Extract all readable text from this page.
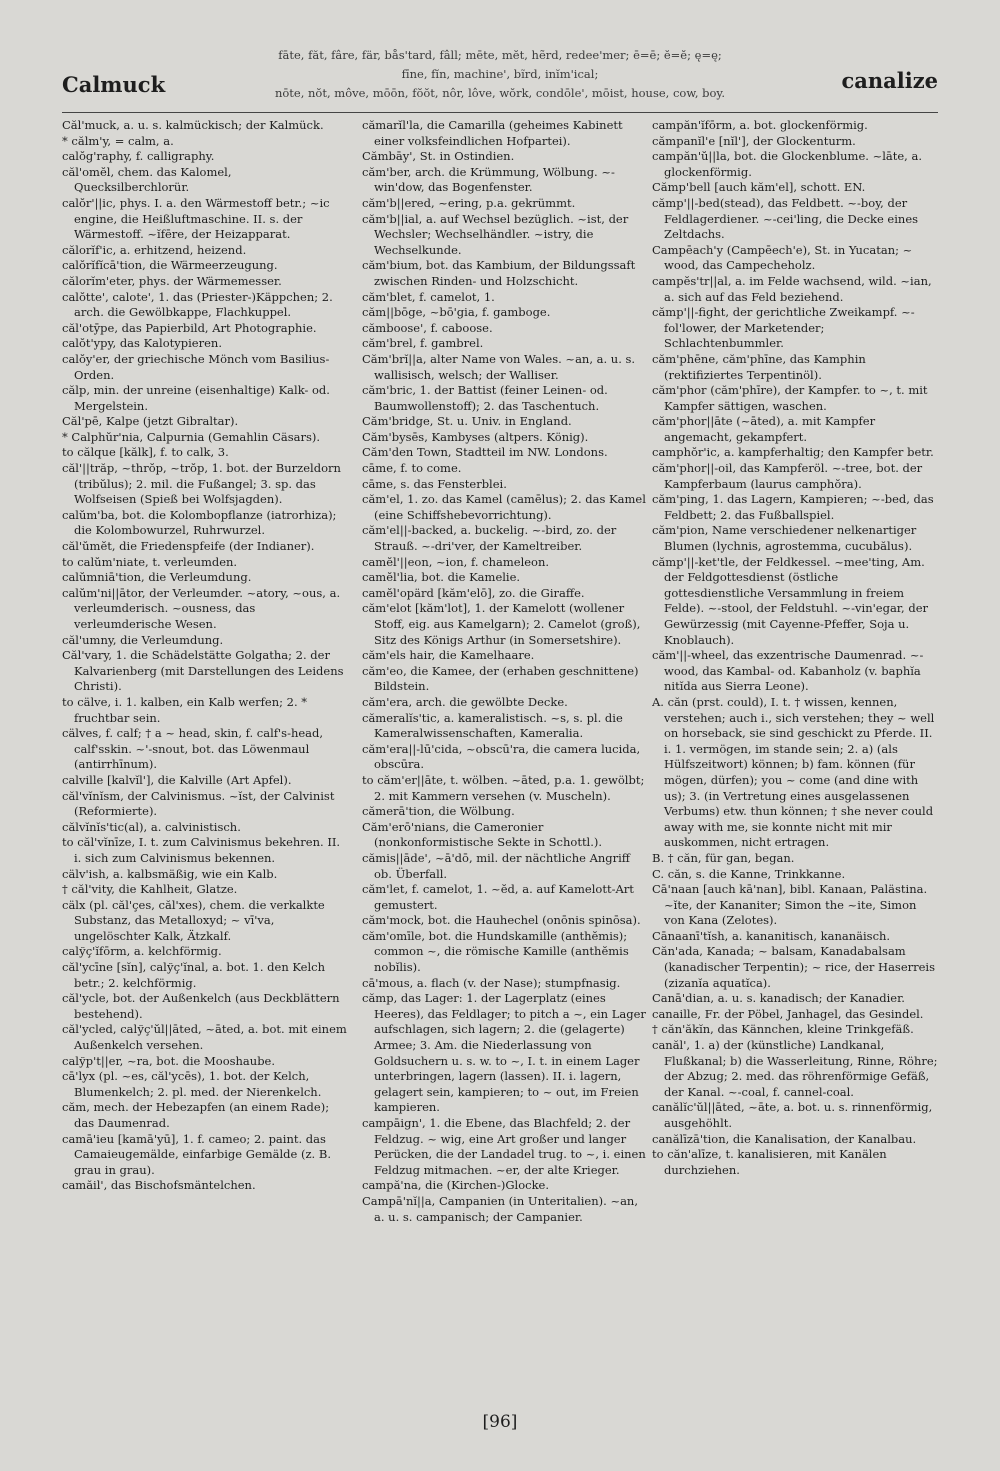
Calmuck
fāte, făt, fâre, fär, bås'tard, fâll; mēte, mĕt, hẽrd, redee'mer; ē=ē; ĕ=ĕ; ę=ę;
fīne, fĭn, machine', bĩrd, inĭm'ical;
nōte, nŏt, môve, mōōn, fŏŏt, nôr, lôve, wŏrk, condōle', mōist, house, cow, boy.	canalize

Căl'muck, a. u. s. kalmückisch; der Kalmück.

* călm'y, = calm, a.

calŏg'raphy, f. calligraphy.

căl'omĕl, chem. das Kalomel, Quecksilberchlorür.

calŏr'||ic, phys. I. a. den Wärmestoff betr.; ~ic engine, die Heißluftmaschine. II. s. der Wärmestoff. ~ĭfēre, der Heizapparat.

călorĭf'ic, a. erhitzend, heizend.

calŏrĭfĭcā'tion, die Wärmeerzeugung.

călorĭm'eter, phys. der Wärmemesser.

calŏtte', calote', 1. das (Priester-)Käppchen; 2. arch. die Gewölbkappe, Flachkuppel.

căl'otȳpe, das Papierbild, Art Photographie.

calŏt'ypy, das Kalotypieren.

calŏy'er, der griechische Mönch vom Basilius-Orden.

călp, min. der unreine (eisenhaltige) Kalk- od. Mergelstein.

Căl'pē, Kalpe (jetzt Gibraltar).

* Calphŭr'nia, Calpurnia (Gemahlin Cäsars).

to călque [kălk], f. to calk, 3.

căl'||trăp, ~thrŏp, ~trŏp, 1. bot. der Burzeldorn (tribŭlus); 2. mil. die Fußangel; 3. sp. das Wolfseisen (Spieß bei Wolfsjagden).

calŭm'ba, bot. die Kolombopflanze (iatrorhiza); die Kolombowurzel, Ruhrwurzel.

căl'ŭmĕt, die Friedenspfeife (der Indianer).

to calŭm'niate, t. verleumden.

calŭmniā'tion, die Verleumdung.

calŭm'ni||ātor, der Verleumder. ~atory, ~ous, a. verleumderisch. ~ousness, das verleumderische Wesen.

căl'umny, die Verleumdung.

Căl'vary, 1. die Schädelstätte Golgatha; 2. der Kalvarienberg (mit Darstellungen des Leidens Christi).

to cälve, i. 1. kalben, ein Kalb werfen; 2. * fruchtbar sein.

cälves, f. calf; † a ~ head, skin, f. calf's-head, calf'sskin. ~'-snout, bot. das Löwenmaul (antirrhīnum).

calville [kalvĭl'], die Kalville (Art Apfel).

căl'vĭnĭsm, der Calvinismus. ~ĭst, der Calvinist (Reformierte).

călvĭnĭs'tic(al), a. calvinistisch.

to căl'vĭnīze, I. t. zum Calvinismus bekehren. II. i. sich zum Calvinismus bekennen.

cälv'ish, a. kalbsmäßig, wie ein Kalb.

† căl'vity, die Kahlheit, Glatze.

cälx (pl. căl'çes, căl'xes), chem. die verkalkte Substanz, das Metalloxyd; ~ vī'va, ungelöschter Kalk, Ätzkalf.

calўç'ĭfōrm, a. kelchförmig.

căl'ycīne [sĭn], calўç'ĭnal, a. bot. 1. den Kelch betr.; 2. kelchförmig.

căl'ycle, bot. der Außenkelch (aus Deckblättern bestehend).

căl'ycled, calўç'ŭl||āted, ~āted, a. bot. mit einem Außenkelch versehen.

calўp't||er, ~ra, bot. die Mooshaube.

cā'lyx (pl. ~es, căl'ycēs), 1. bot. der Kelch, Blumenkelch; 2. pl. med. der Nierenkelch.

căm, mech. der Hebezapfen (an einem Rade); das Daumenrad.

camā'ieu [kamā'yū], 1. f. cameo; 2. paint. das Camaieugemälde, einfarbige Gemälde (z. B. grau in grau).

camăil', das Bischofsmäntelchen.

cămarĭl'la, die Camarilla (geheimes Kabinett einer volksfeindlichen Hofpartei).

Cămbāy', St. in Ostindien.

căm'ber, arch. die Krümmung, Wölbung. ~-win'dow, das Bogenfenster.

căm'b||ered, ~ering, p.a. gekrümmt.

căm'b||ial, a. auf Wechsel bezüglich. ~ist, der Wechsler; Wechselhändler. ~istry, die Wechselkunde.

căm'bium, bot. das Kambium, der Bildungssaft zwischen Rinden- und Holzschicht.

căm'blet, f. camelot, 1.

căm||bōge, ~bō'gia, f. gamboge.

cămboose', f. caboose.

căm'brel, f. gambrel.

Căm'brĭ||a, alter Name von Wales. ~an, a. u. s. wallisisch, welsch; der Walliser.

căm'bric, 1. der Battist (feiner Leinen- od. Baumwollenstoff); 2. das Taschentuch.

Căm'bridge, St. u. Univ. in England.

Căm'bysēs, Kambyses (altpers. König).

Căm'den Town, Stadtteil im NW. Londons.

cāme, f. to come.

cāme, s. das Fensterblei.

căm'el, 1. zo. das Kamel (camēlus); 2. das Kamel (eine Schiffshebevorrichtung).

căm'el||-backed, a. buckelig. ~-bird, zo. der Strauß. ~-dri'ver, der Kameltreiber.

camĕl'||eon, ~ion, f. chameleon.

camĕl'lia, bot. die Kamelie.

camĕl'opärd [kăm'elō], zo. die Giraffe.

căm'elot [kăm'lot], 1. der Kamelott (wollener Stoff, eig. aus Kamelgarn); 2. Camelot (groß), Sitz des Königs Arthur (in Somersetshire).

căm'els hair, die Kamelhaare.

căm'eo, die Kamee, der (erhaben geschnittene) Bildstein.

căm'era, arch. die gewölbte Decke.

cămeralĭs'tic, a. kameralistisch. ~s, s. pl. die Kameralwissenschaften, Kameralia.

căm'era||-lū'cida, ~obscū'ra, die camera lucida, obscūra.

to căm'er||āte, t. wölben. ~āted, p.a. 1. gewölbt; 2. mit Kammern versehen (v. Muscheln).

cămerā'tion, die Wölbung.

Căm'erō'nians, die Cameronier (nonkonformistische Sekte in Schottl.).

cămis||āde', ~ā'dō, mil. der nächtliche Angriff ob. Überfall.

căm'let, f. camelot, 1. ~ĕd, a. auf Kamelott-Art gemustert.

căm'mock, bot. die Hauhechel (onōnis spinōsa).

căm'omīle, bot. die Hundskamille (anthĕmis); common ~, die römische Kamille (anthĕmis nobĭlis).

cā'mous, a. flach (v. der Nase); stumpfnasig.

cămp, das Lager: 1. der Lagerplatz (eines Heeres), das Feldlager; to pitch a ~, ein Lager aufschlagen, sich lagern; 2. die (gelagerte) Armee; 3. Am. die Niederlassung von Goldsuchern u. s. w. to ~, I. t. in einem Lager unterbringen, lagern (lassen). II. i. lagern, gelagert sein, kampieren; to ~ out, im Freien kampieren.

campāign', 1. die Ebene, das Blachfeld; 2. der Feldzug. ~ wig, eine Art großer und langer Perücken, die der Landadel trug. to ~, i. einen Feldzug mitmachen. ~er, der alte Krieger.

campă'na, die (Kirchen-)Glocke.

Campā'nĭ||a, Campanien (in Unteritalien). ~an, a. u. s. campanisch; der Campanier.

campăn'ĭfōrm, a. bot. glockenförmig.

cămpanĭl'e [nĭl'], der Glockenturm.

campăn'ŭ||la, bot. die Glockenblume. ~lāte, a. glockenförmig.

Cămp'bell [auch kăm'el], schott. EN.

cămp'||-bed(stead), das Feldbett. ~-boy, der Feldlagerdiener. ~-cei'ling, die Decke eines Zeltdachs.

Campēach'y (Campēech'e), St. in Yucatan; ~ wood, das Campecheholz.

campĕs'tr||al, a. im Felde wachsend, wild. ~ian, a. sich auf das Feld beziehend.

cămp'||-fight, der gerichtliche Zweikampf. ~-fol'lower, der Marketender; Schlachtenbummler.

căm'phēne, căm'phīne, das Kamphin (rektifiziertes Terpentinöl).

căm'phor (căm'phīre), der Kampfer. to ~, t. mit Kampfer sättigen, waschen.

căm'phor||āte (~āted), a. mit Kampfer angemacht, gekampfert.

camphŏr'ic, a. kampferhaltig; den Kampfer betr.

căm'phor||-oil, das Kampferöl. ~-tree, bot. der Kampferbaum (laurus camphŏra).

căm'ping, 1. das Lagern, Kampieren; ~-bed, das Feldbett; 2. das Fußballspiel.

căm'pion, Name verschiedener nelkenartiger Blumen (lychnis, agrostemma, cucubălus).

cămp'||-ket'tle, der Feldkessel. ~mee'ting, Am. der Feldgottesdienst (östliche gottesdienstliche Versammlung in freiem Felde). ~-stool, der Feldstuhl. ~-vin'egar, der Gewürzessig (mit Cayenne-Pfeffer, Soja u. Knoblauch).

căm'||-wheel, das exzentrische Daumenrad. ~-wood, das Kambal- od. Kabanholz (v. baphĭa nitĭda aus Sierra Leone).

A. căn (prst. could), I. t. † wissen, kennen, verstehen; auch i., sich verstehen; they ~ well on horseback, sie sind geschickt zu Pferde. II. i. 1. vermögen, im stande sein; 2. a) (als Hülfszeitwort) können; b) fam. können (für mögen, dürfen); you ~ come (and dine with us); 3. (in Vertretung eines ausgelassenen Verbums) etw. thun können; † she never could away with me, sie konnte nicht mit mir auskommen, nicht ertragen.

B. † căn, für gan, began.

C. căn, s. die Kanne, Trinkkanne.

Cā'naan [auch kā'nan], bibl. Kanaan, Palästina. ~ĭte, der Kananiter; Simon the ~ite, Simon von Kana (Zelotes).

Cānaanī'tĭsh, a. kananitisch, kananäisch.

Căn'ada, Kanada; ~ balsam, Kanadabalsam (kanadischer Terpentin); ~ rice, der Haserreis (zizanĭa aquatĭca).

Canā'dian, a. u. s. kanadisch; der Kanadier.

canaille, Fr. der Pöbel, Janhagel, das Gesindel.

† căn'ăkĭn, das Kännchen, kleine Trinkgefäß.

canăl', 1. a) der (künstliche) Landkanal, Flußkanal; b) die Wasserleitung, Rinne, Röhre; der Abzug; 2. med. das röhrenförmige Gefäß, der Kanal. ~-coal, f. cannel-coal.

canălĭc'ŭl||āted, ~āte, a. bot. u. s. rinnenförmig, ausgehöhlt.

canălīzā'tion, die Kanalisation, der Kanalbau.

to căn'alīze, t. kanalisieren, mit Kanälen durchziehen.

[96]
